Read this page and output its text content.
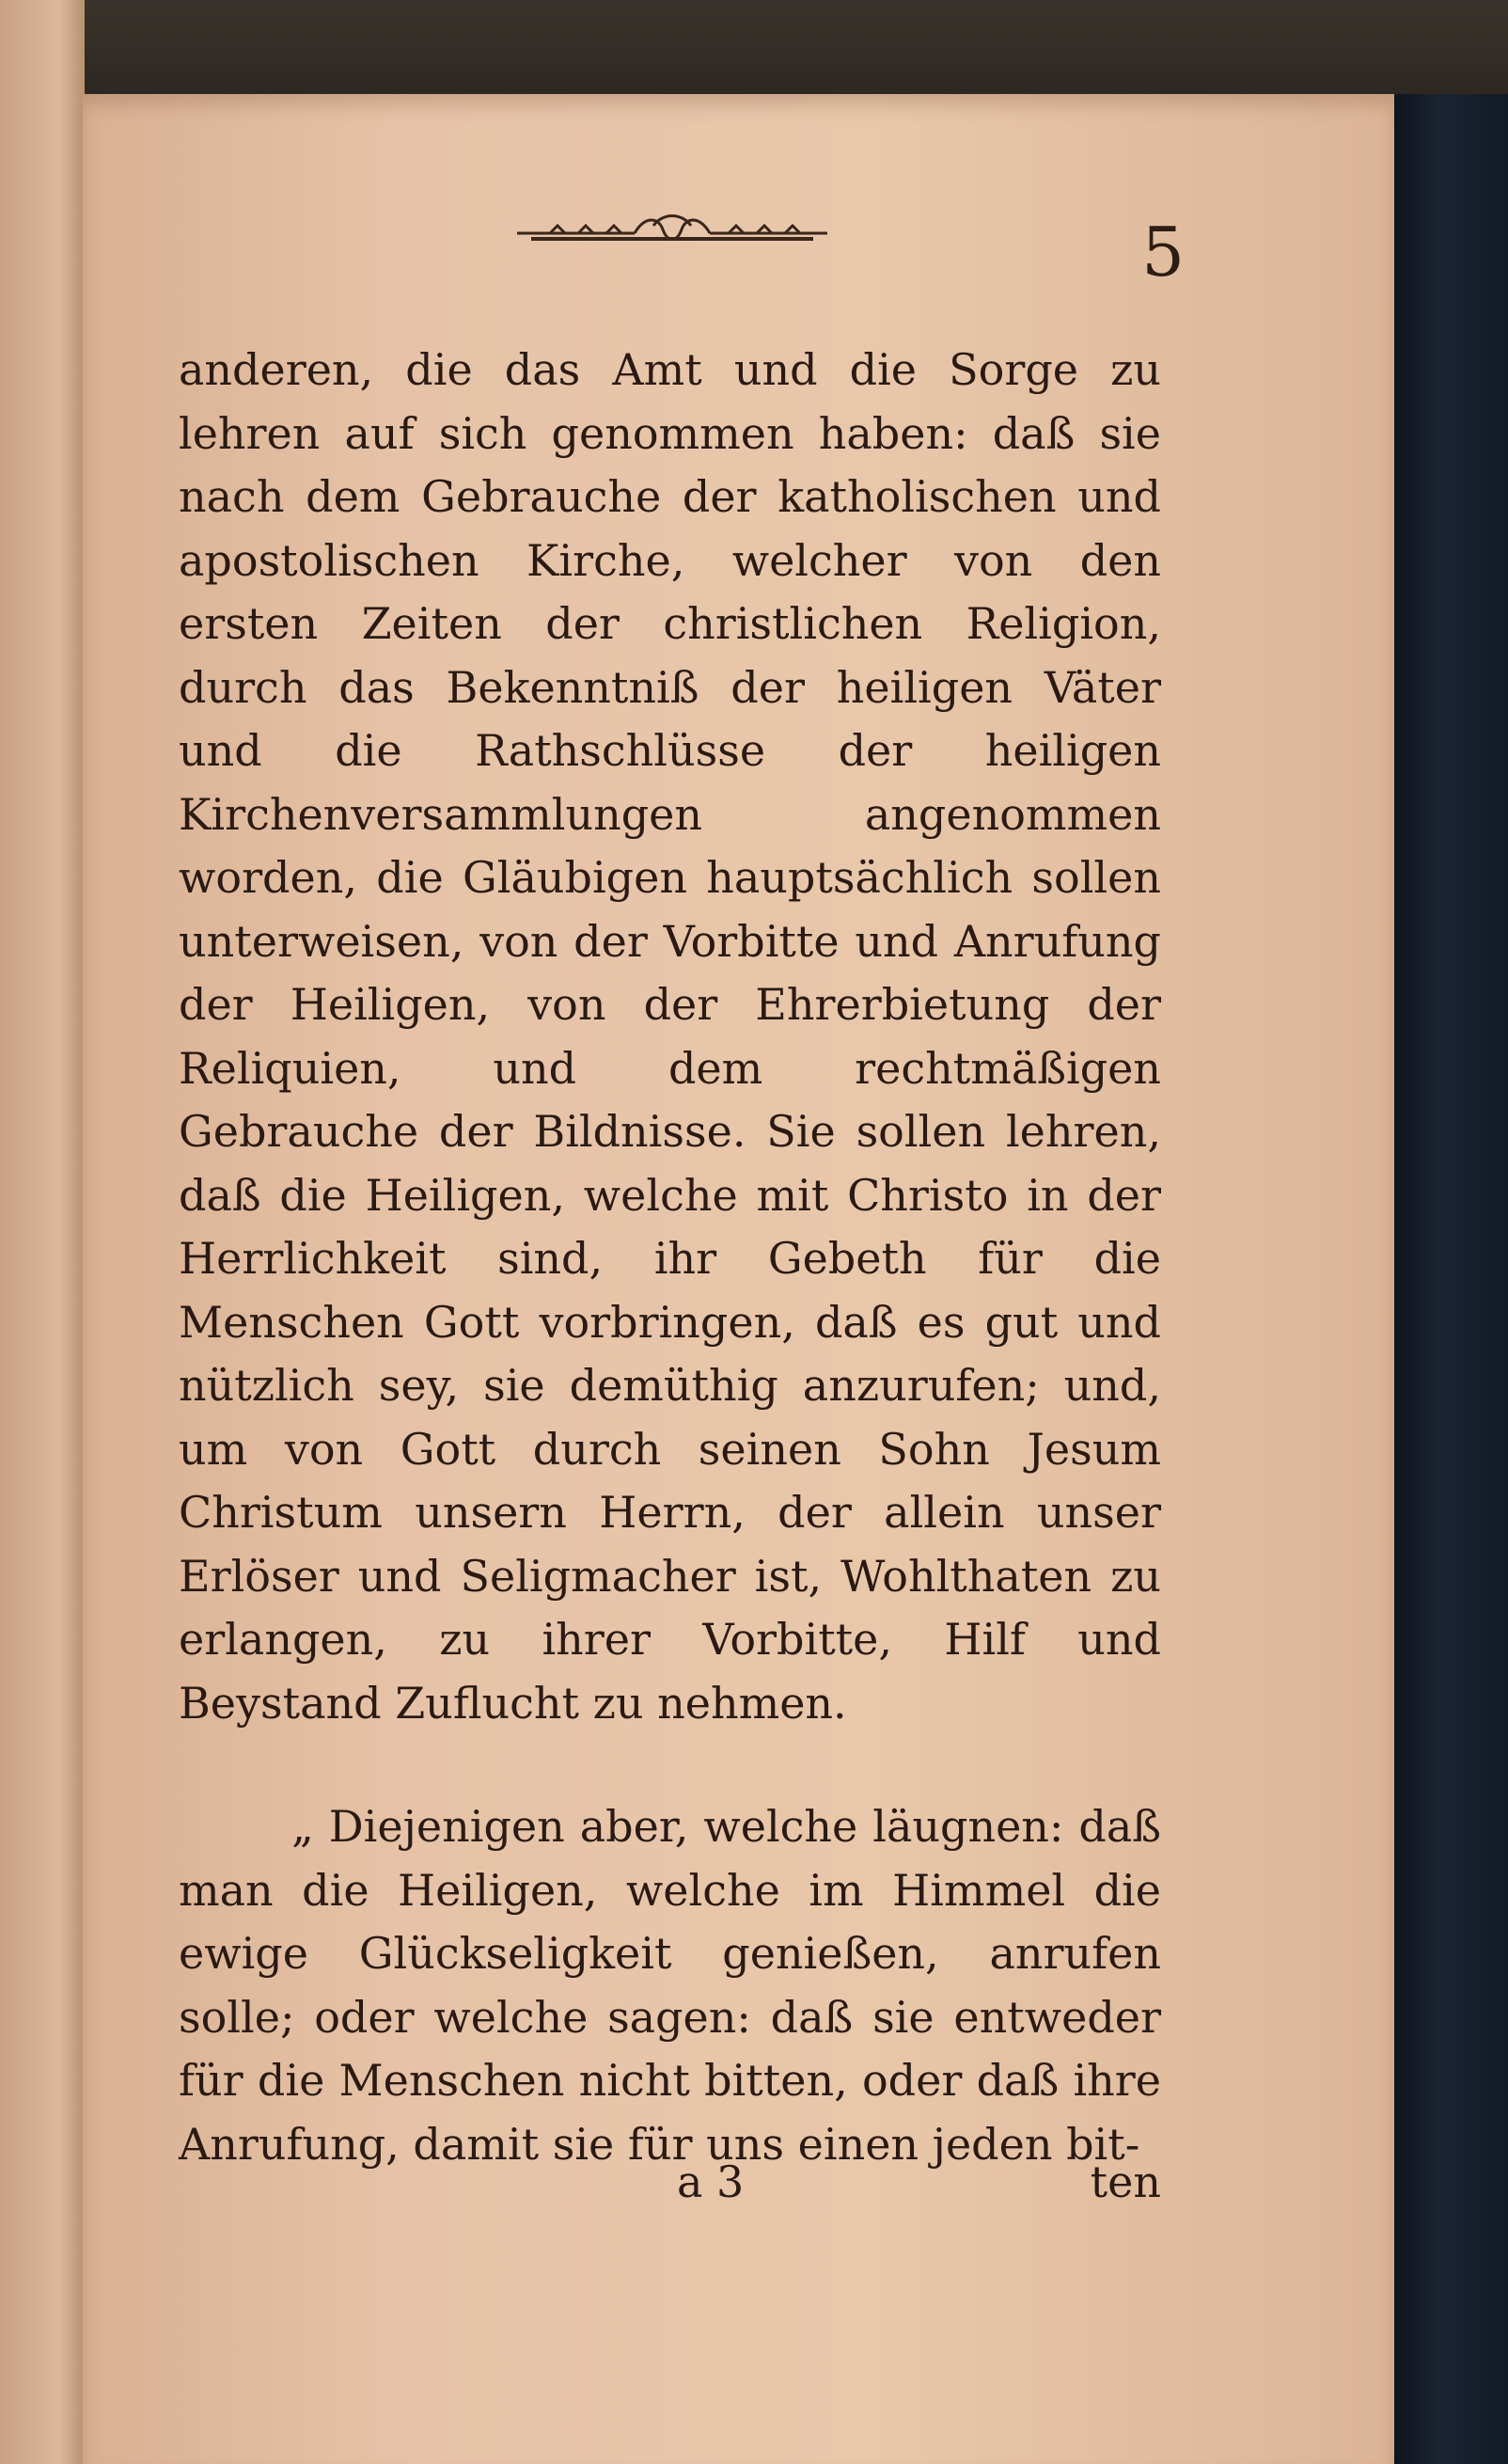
5

anderen, die das Amt und die Sorge zu lehren auf sich genommen haben: daß sie nach dem Gebrauche der katholischen und apostolischen Kirche, welcher von den ersten Zeiten der christlichen Religion, durch das Bekenntniß der heiligen Väter und die Rathschlüsse der heiligen Kirchenversammlungen angenommen worden, die Gläubigen hauptsächlich sollen unterweisen, von der Vorbitte und Anrufung der Heiligen, von der Ehrerbietung der Reliquien, und dem rechtmäßigen Gebrauche der Bildnisse. Sie sollen lehren, daß die Heiligen, welche mit Christo in der Herrlichkeit sind, ihr Gebeth für die Menschen Gott vorbringen, daß es gut und nützlich sey, sie demüthig anzurufen; und, um von Gott durch seinen Sohn Jesum Christum unsern Herrn, der allein unser Erlöser und Seligmacher ist, Wohlthaten zu erlangen, zu ihrer Vorbitte, Hilf und Beystand Zuflucht zu nehmen.

„ Diejenigen aber, welche läugnen: daß man die Heiligen, welche im Himmel die ewige Glückseligkeit genießen, anrufen solle; oder welche sagen: daß sie entweder für die Menschen nicht bitten, oder daß ihre Anrufung, damit sie für uns einen jeden bit-

a 3	ten
